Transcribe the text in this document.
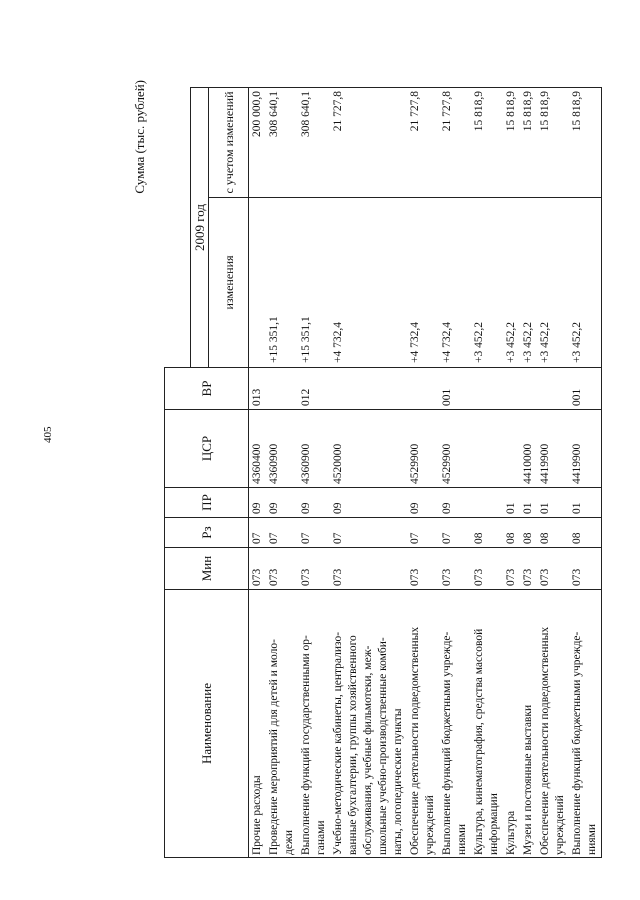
405
Сумма (тыс. рублей)
Наименование	Мин	Рз	ПР	ЦСР	ВР		
						2009 год	
						изменения	с учетом изменений
Прочие расходы	073	07	09	4360400	013		200 000,0
Проведение мероприятий для детей и моло- дежи	073	07	09	4360900		+15 351,1	308 640,1
Выполнение функций государственными ор- ганами	073	07	09	4360900	012	+15 351,1	308 640,1
Учебно-методические кабинеты, централизо- ванные бухгалтерии, группы хозяйственного обслуживания, учебные фильмотеки, меж- школьные учебно-производственные комби- наты, логопедические пункты	073	07	09	4520000		+4 732,4	21 727,8
Обеспечение деятельности подведомственных учреждений	073	07	09	4529900		+4 732,4	21 727,8
Выполнение функций бюджетными учрежде- ниями	073	07	09	4529900	001	+4 732,4	21 727,8
Культура, кинематография, средства массовой информации	073	08				+3 452,2	15 818,9
Культура	073	08	01			+3 452,2	15 818,9
Музеи и постоянные выставки	073	08	01	4410000		+3 452,2	15 818,9
Обеспечение деятельности подведомственных учреждений	073	08	01	4419900		+3 452,2	15 818,9
Выполнение функций бюджетными учрежде- ниями	073	08	01	4419900	001	+3 452,2	15 818,9
